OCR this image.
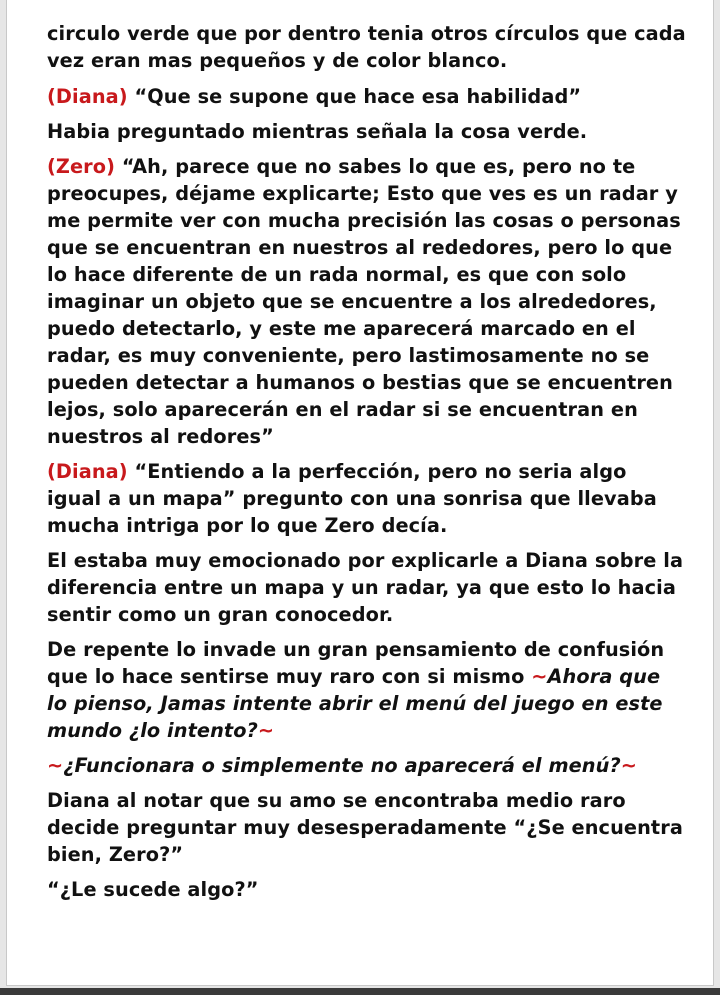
circulo verde que por dentro tenia otros círculos que cada vez eran mas pequeños y de color blanco.

(Diana) “Que se supone que hace esa habilidad”

Habia preguntado mientras señala la cosa verde.

(Zero) “Ah, parece que no sabes lo que es, pero no te preocupes, déjame explicarte; Esto que ves es un radar y me permite ver con mucha precisión las cosas o personas que se encuentran en nuestros al rededores, pero lo que lo hace diferente de un rada normal, es que con solo imaginar un objeto que se encuentre a los alrededores, puedo detectarlo, y este me aparecerá marcado en el radar, es muy conveniente, pero lastimosamente no se pueden detectar a humanos o bestias que se encuentren lejos, solo aparecerán en el radar si se encuentran en nuestros al redores”

(Diana) “Entiendo a la perfección, pero no seria algo igual a un mapa” pregunto con una sonrisa que llevaba mucha intriga por lo que Zero decía.

El estaba muy emocionado por explicarle a Diana sobre la diferencia entre un mapa y un radar, ya que esto lo hacia sentir como un gran conocedor.

De repente lo invade un gran pensamiento de confusión que lo hace sentirse muy raro con si mismo ~Ahora que lo pienso, Jamas intente abrir el menú del juego en este mundo ¿lo intento?~

~¿Funcionara o simplemente no aparecerá el menú?~

Diana al notar que su amo se encontraba medio raro decide preguntar muy desesperadamente “¿Se encuentra bien, Zero?”

“¿Le sucede algo?”
